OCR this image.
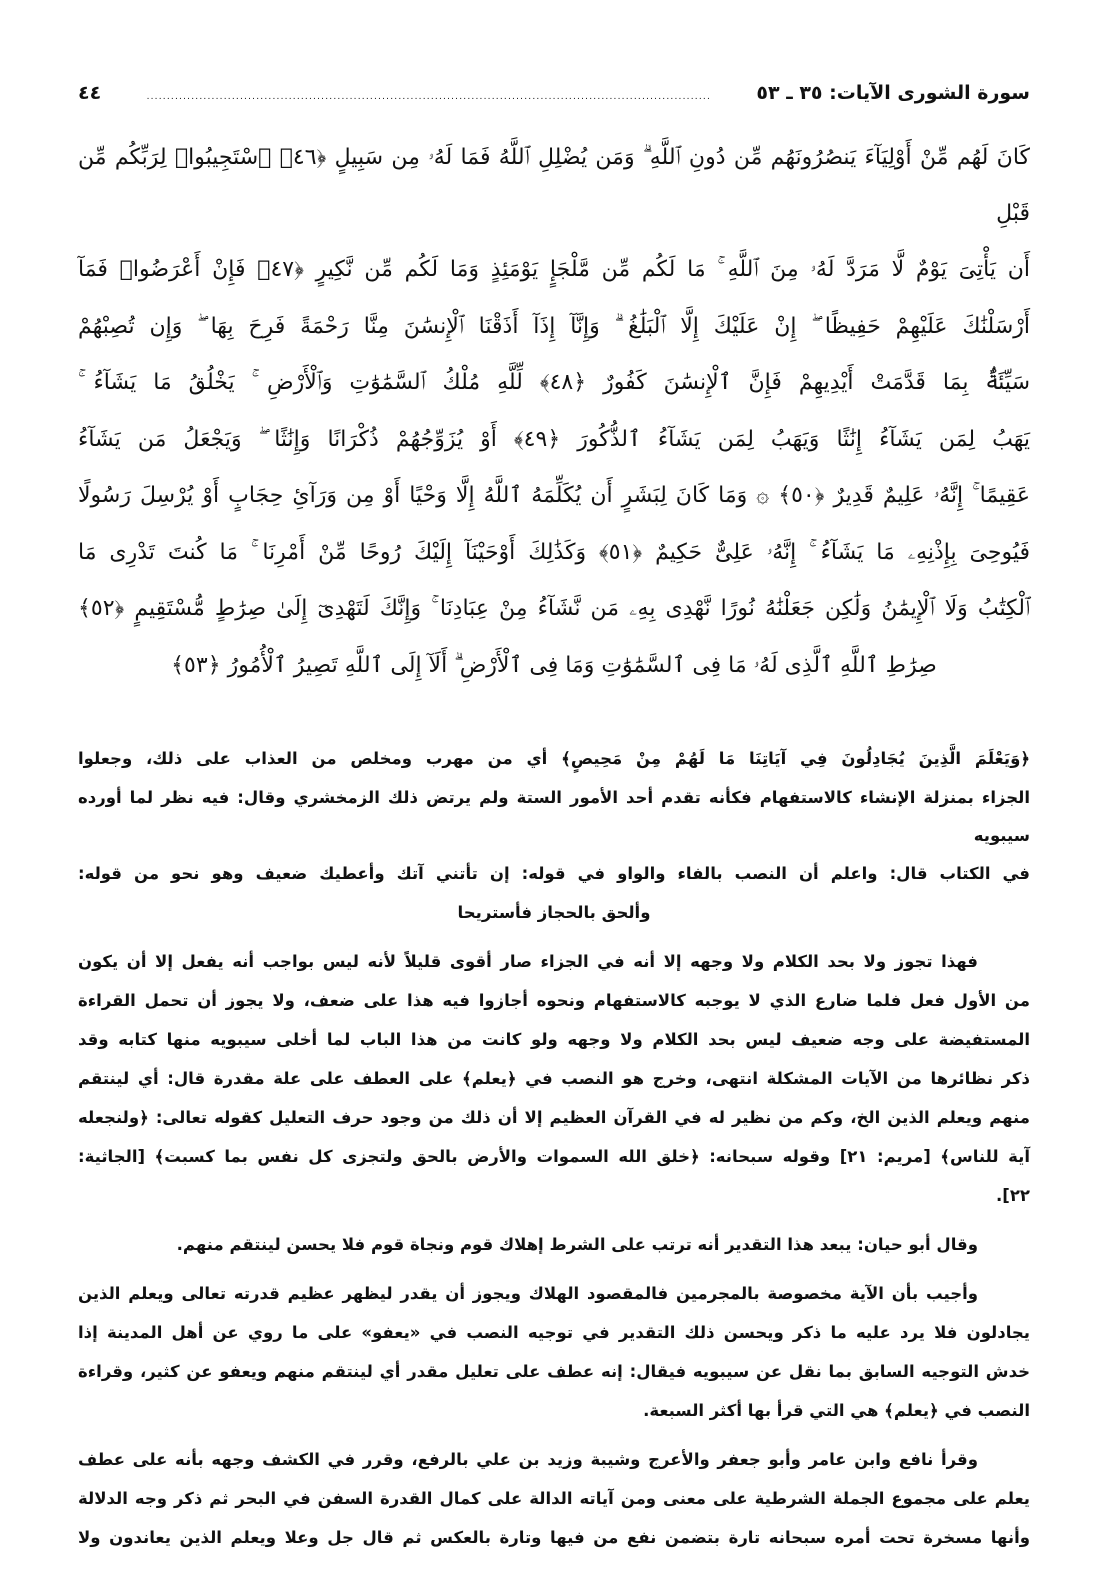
سورة الشورى الآيات: ٣٥ ـ ٥٣
...........................................................................................................................................
٤٤
كَانَ لَهُم مِّنْ أَوْلِيَآءَ يَنصُرُونَهُم مِّن دُونِ ٱللَّهِ ۗ وَمَن يُضْلِلِ ٱللَّهُ فَمَا لَهُۥ مِن سَبِيلٍ ﴿٤٦﴾ ٱسْتَجِيبُوا۟ لِرَبِّكُم مِّن قَبْلِ
أَن يَأْتِىَ يَوْمٌ لَّا مَرَدَّ لَهُۥ مِنَ ٱللَّهِ ۚ مَا لَكُم مِّن مَّلْجَإٍ يَوْمَئِذٍ وَمَا لَكُم مِّن نَّكِيرٍ ﴿٤٧﴾ فَإِنْ أَعْرَضُوا۟ فَمَآ
أَرْسَلْنَٰكَ عَلَيْهِمْ حَفِيظًا ۖ إِنْ عَلَيْكَ إِلَّا ٱلْبَلَٰغُ ۗ وَإِنَّآ إِذَآ أَذَقْنَا ٱلْإِنسَٰنَ مِنَّا رَحْمَةً فَرِحَ بِهَا ۖ وَإِن تُصِبْهُمْ
سَيِّئَةٌۢ بِمَا قَدَّمَتْ أَيْدِيهِمْ فَإِنَّ ٱلْإِنسَٰنَ كَفُورٌ ﴿٤٨﴾ لِّلَّهِ مُلْكُ ٱلسَّمَٰوَٰتِ وَٱلْأَرْضِ ۚ يَخْلُقُ مَا يَشَآءُ ۚ
يَهَبُ لِمَن يَشَآءُ إِنَٰثًا وَيَهَبُ لِمَن يَشَآءُ ٱلذُّكُورَ ﴿٤٩﴾ أَوْ يُزَوِّجُهُمْ ذُكْرَانًا وَإِنَٰثًا ۖ وَيَجْعَلُ مَن يَشَآءُ
عَقِيمًا ۚ إِنَّهُۥ عَلِيمٌ قَدِيرٌ ﴿٥٠﴾ ۞ وَمَا كَانَ لِبَشَرٍ أَن يُكَلِّمَهُ ٱللَّهُ إِلَّا وَحْيًا أَوْ مِن وَرَآئِ حِجَابٍ أَوْ يُرْسِلَ رَسُولًا
فَيُوحِىَ بِإِذْنِهِۦ مَا يَشَآءُ ۚ إِنَّهُۥ عَلِىٌّ حَكِيمٌ ﴿٥١﴾ وَكَذَٰلِكَ أَوْحَيْنَآ إِلَيْكَ رُوحًا مِّنْ أَمْرِنَا ۚ مَا كُنتَ تَدْرِى مَا
ٱلْكِتَٰبُ وَلَا ٱلْإِيمَٰنُ وَلَٰكِن جَعَلْنَٰهُ نُورًا نَّهْدِى بِهِۦ مَن نَّشَآءُ مِنْ عِبَادِنَا ۚ وَإِنَّكَ لَتَهْدِىٓ إِلَىٰ صِرَٰطٍ مُّسْتَقِيمٍ ﴿٥٢﴾
صِرَٰطِ ٱللَّهِ ٱلَّذِى لَهُۥ مَا فِى ٱلسَّمَٰوَٰتِ وَمَا فِى ٱلْأَرْضِ ۗ أَلَآ إِلَى ٱللَّهِ تَصِيرُ ٱلْأُمُورُ ﴿٥٣﴾
﴿وَيَعْلَمَ الَّذِينَ يُجَادِلُونَ فِي آيَاتِنَا مَا لَهُمْ مِنْ مَحِيصٍ﴾ أي من مهرب ومخلص من العذاب على ذلك، وجعلوا
الجزاء بمنزلة الإنشاء كالاستفهام فكأنه تقدم أحد الأمور الستة ولم يرتض ذلك الزمخشري وقال: فيه نظر لما أورده سيبويه
في الكتاب قال: واعلم أن النصب بالفاء والواو في قوله: إن تأتني آتك وأعطيك ضعيف وهو نحو من قوله:
وألحق بالحجاز فأستريحا
فهذا تجوز ولا بحد الكلام ولا وجهه إلا أنه في الجزاء صار أقوى قليلاً لأنه ليس بواجب أنه يفعل إلا أن يكون
من الأول فعل فلما ضارع الذي لا يوجبه كالاستفهام ونحوه أجازوا فيه هذا على ضعف، ولا يجوز أن تحمل القراءة
المستفيضة على وجه ضعيف ليس بحد الكلام ولا وجهه ولو كانت من هذا الباب لما أخلى سيبويه منها كتابه وقد
ذكر نظائرها من الآيات المشكلة انتهى، وخرج هو النصب في ﴿يعلم﴾ على العطف على علة مقدرة قال: أي لينتقم
منهم ويعلم الذين الخ، وكم من نظير له في القرآن العظيم إلا أن ذلك من وجود حرف التعليل كقوله تعالى: ﴿ولنجعله
آية للناس﴾ [مريم: ٢١] وقوله سبحانه: ﴿خلق الله السموات والأرض بالحق ولتجزى كل نفس بما كسبت﴾ [الجاثية:
٢٢].
وقال أبو حيان: يبعد هذا التقدير أنه ترتب على الشرط إهلاك قوم ونجاة قوم فلا يحسن لينتقم منهم.
وأجيب بأن الآية مخصوصة بالمجرمين فالمقصود الهلاك ويجوز أن يقدر ليظهر عظيم قدرته تعالى ويعلم الذين
يجادلون فلا يرد عليه ما ذكر ويحسن ذلك التقدير في توجيه النصب في «يعفو» على ما روي عن أهل المدينة إذا
خدش التوجيه السابق بما نقل عن سيبويه فيقال: إنه عطف على تعليل مقدر أي لينتقم منهم ويعفو عن كثير، وقراءة
النصب في ﴿يعلم﴾ هي التي قرأ بها أكثر السبعة.
وقرأ نافع وابن عامر وأبو جعفر والأعرج وشيبة وزيد بن علي بالرفع، وقرر في الكشف وجهه بأنه على عطف
يعلم على مجموع الجملة الشرطية على معنى ومن آياته الدالة على كمال القدرة السفن في البحر ثم ذكر وجه الدلالة
وأنها مسخرة تحت أمره سبحانه تارة بتضمن نفع من فيها وتارة بالعكس ثم قال جل وعلا ويعلم الذين يعاندون ولا
